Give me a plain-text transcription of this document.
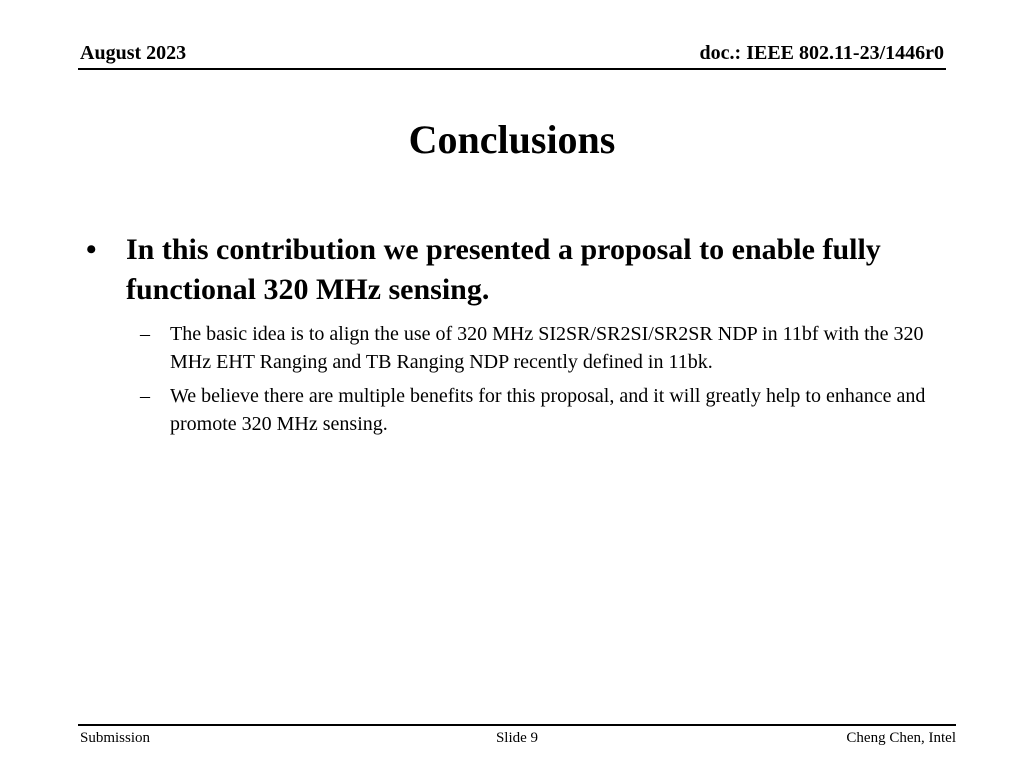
August 2023	doc.: IEEE 802.11-23/1446r0
Conclusions
• In this contribution we presented a proposal to enable fully functional 320 MHz sensing.
– The basic idea is to align the use of 320 MHz SI2SR/SR2SI/SR2SR NDP in 11bf with the 320 MHz EHT Ranging and TB Ranging NDP recently defined in 11bk.
– We believe there are multiple benefits for this proposal, and it will greatly help to enhance and promote 320 MHz sensing.
Submission	Slide 9	Cheng Chen, Intel
